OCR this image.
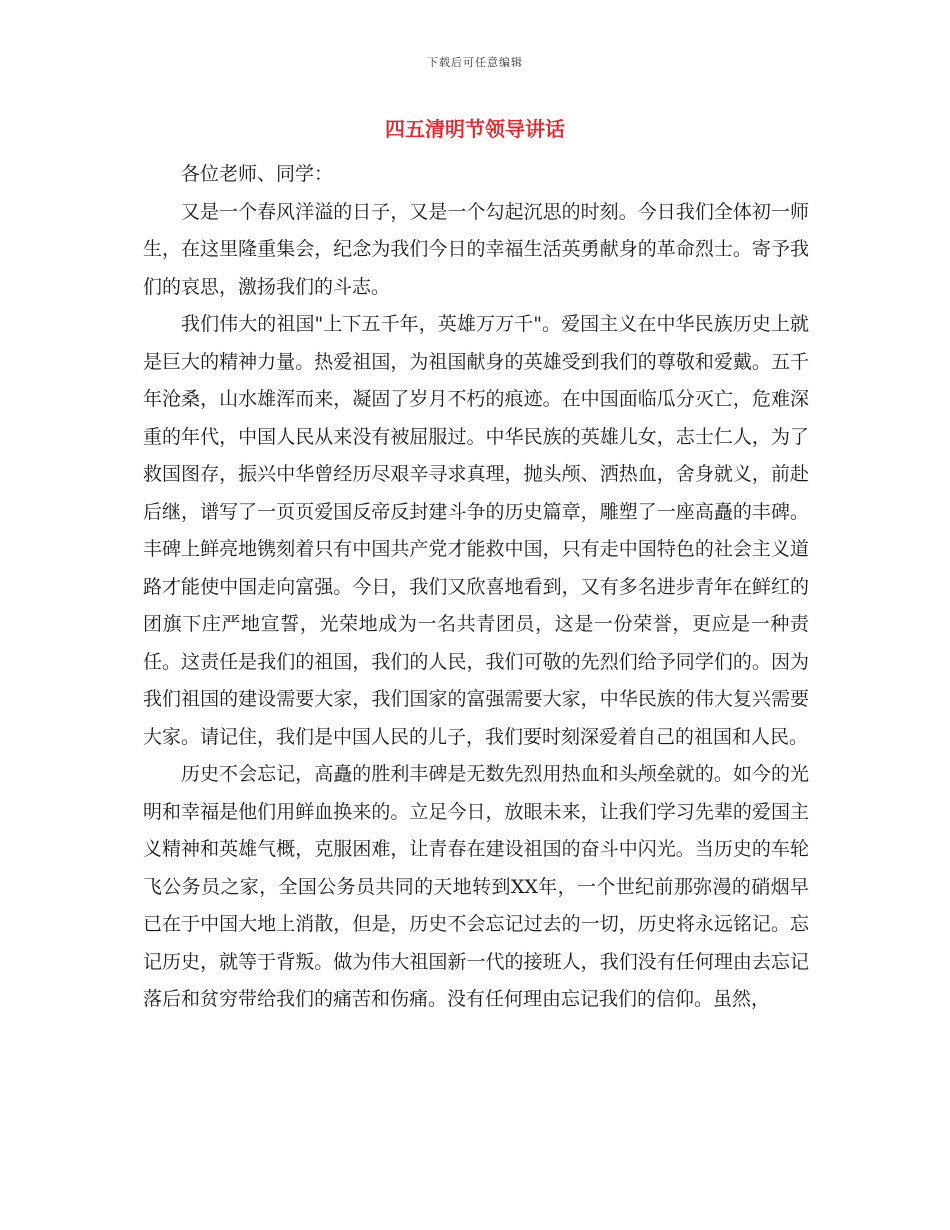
下载后可任意编辑
四五清明节领导讲话

各位老师、同学：

又是一个春风洋溢的日子，又是一个勾起沉思的时刻。今日我们全体初一师生，在这里隆重集会，纪念为我们今日的幸福生活英勇献身的革命烈士。寄予我们的哀思，激扬我们的斗志。

我们伟大的祖国"上下五千年，英雄万万千"。爱国主义在中华民族历史上就是巨大的精神力量。热爱祖国，为祖国献身的英雄受到我们的尊敬和爱戴。五千年沧桑，山水雄浑而来，凝固了岁月不朽的痕迹。在中国面临瓜分灭亡，危难深重的年代，中国人民从来没有被屈服过。中华民族的英雄儿女，志士仁人，为了救国图存，振兴中华曾经历尽艰辛寻求真理，抛头颅、洒热血，舍身就义，前赴后继，谱写了一页页爱国反帝反封建斗争的历史篇章，雕塑了一座高矗的丰碑。丰碑上鲜亮地镌刻着只有中国共产党才能救中国，只有走中国特色的社会主义道路才能使中国走向富强。今日，我们又欣喜地看到，又有多名进步青年在鲜红的团旗下庄严地宣誓，光荣地成为一名共青团员，这是一份荣誉，更应是一种责任。这责任是我们的祖国，我们的人民，我们可敬的先烈们给予同学们的。因为我们祖国的建设需要大家，我们国家的富强需要大家，中华民族的伟大复兴需要大家。请记住，我们是中国人民的儿子，我们要时刻深爱着自己的祖国和人民。

历史不会忘记，高矗的胜利丰碑是无数先烈用热血和头颅垒就的。如今的光明和幸福是他们用鲜血换来的。立足今日，放眼未来，让我们学习先辈的爱国主义精神和英雄气概，克服困难，让青春在建设祖国的奋斗中闪光。当历史的车轮飞公务员之家，全国公务员共同的天地转到XX年，一个世纪前那弥漫的硝烟早已在于中国大地上消散，但是，历史不会忘记过去的一切，历史将永远铭记。忘记历史，就等于背叛。做为伟大祖国新一代的接班人，我们没有任何理由去忘记落后和贫穷带给我们的痛苦和伤痛。没有任何理由忘记我们的信仰。虽然，
